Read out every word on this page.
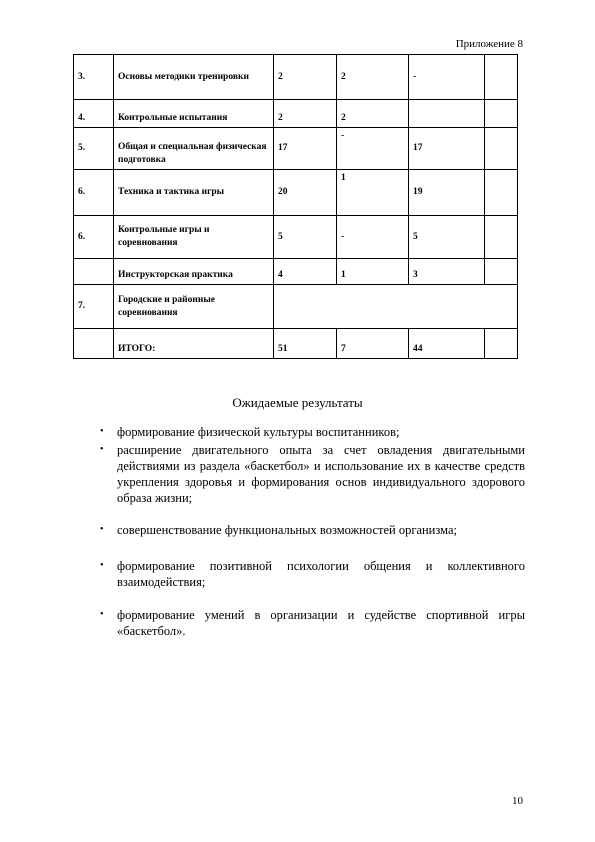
Приложение 8
3.	Основы методики тренировки	2	2	-	
4.	Контрольные испытания	2	2		
5.	Общая и специальная физическая подготовка	17	-	17	
6.	Техника и тактика игры	20	1	19	
6.	Контрольные игры и соревнования	5	-	5	
	Инструкторская практика	4	1	3	
7.	Городские и районные соревнования				
	ИТОГО:	51	7	44	
Ожидаемые результаты
• формирование физической культуры воспитанников;
• расширение двигательного опыта за счет овладения двигательными действиями из раздела «баскетбол» и использование их в качестве средств укрепления здоровья и формирования основ индивидуального здорового образа жизни;
• совершенствование функциональных возможностей организма;
• формирование позитивной психологии общения и коллективного взаимодействия;
• формирование умений в организации и судействе спортивной игры «баскетбол».
10
